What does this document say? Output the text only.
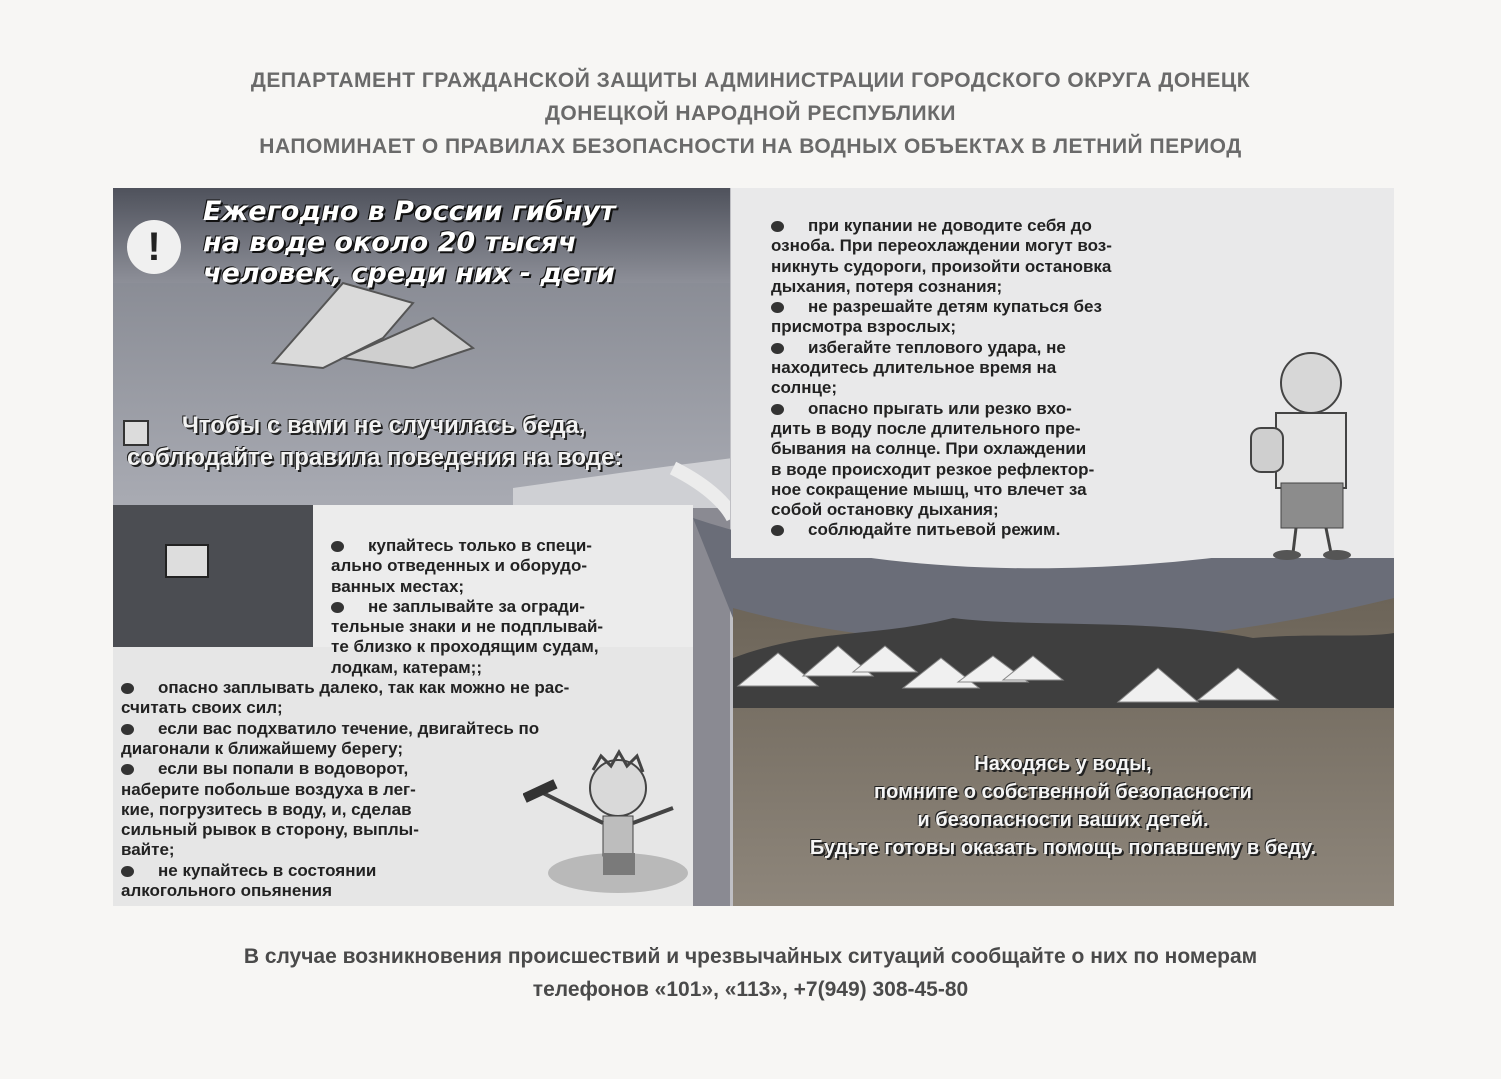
ДЕПАРТАМЕНТ ГРАЖДАНСКОЙ ЗАЩИТЫ АДМИНИСТРАЦИИ ГОРОДСКОГО ОКРУГА ДОНЕЦК
ДОНЕЦКОЙ НАРОДНОЙ РЕСПУБЛИКИ
НАПОМИНАЕТ О ПРАВИЛАХ БЕЗОПАСНОСТИ НА ВОДНЫХ ОБЪЕКТАХ В ЛЕТНИЙ ПЕРИОД
!
Ежегодно в России гибнут
на воде около 20 тысяч
человек, среди них - дети
Чтобы с вами не случилась беда,
соблюдайте правила поведения на воде:
купайтесь только в специ-
ально отведенных и оборудо-
ванных местах;
не заплывайте за огради-
тельные знаки и не подплывай-
те близко к проходящим судам,
лодкам, катерам;;
опасно заплывать далеко, так как можно не рас-
считать своих сил;
если вас подхватило течение, двигайтесь по
диагонали к ближайшему берегу;
если вы попали в водоворот,
наберите побольше воздуха в лег-
кие, погрузитесь в воду, и, сделав
сильный рывок в сторону, выплы-
вайте;
не купайтесь в состоянии
алкогольного опьянения
при купании не доводите себя до
озноба. При переохлаждении могут воз-
никнуть судороги, произойти остановка
дыхания, потеря сознания;
не разрешайте детям купаться без
присмотра взрослых;
избегайте теплового удара, не
находитесь длительное время на
солнце;
опасно прыгать или резко вхо-
дить в воду после длительного пре-
бывания на солнце. При охлаждении
в воде происходит резкое рефлектор-
ное сокращение мышц, что влечет за
собой остановку дыхания;
соблюдайте питьевой режим.
Находясь у воды,
помните о собственной безопасности
и безопасности ваших детей.
Будьте готовы оказать помощь попавшему в беду.
В случае возникновения происшествий и чрезвычайных ситуаций сообщайте о них по номерам
телефонов «101», «113», +7(949) 308-45-80
